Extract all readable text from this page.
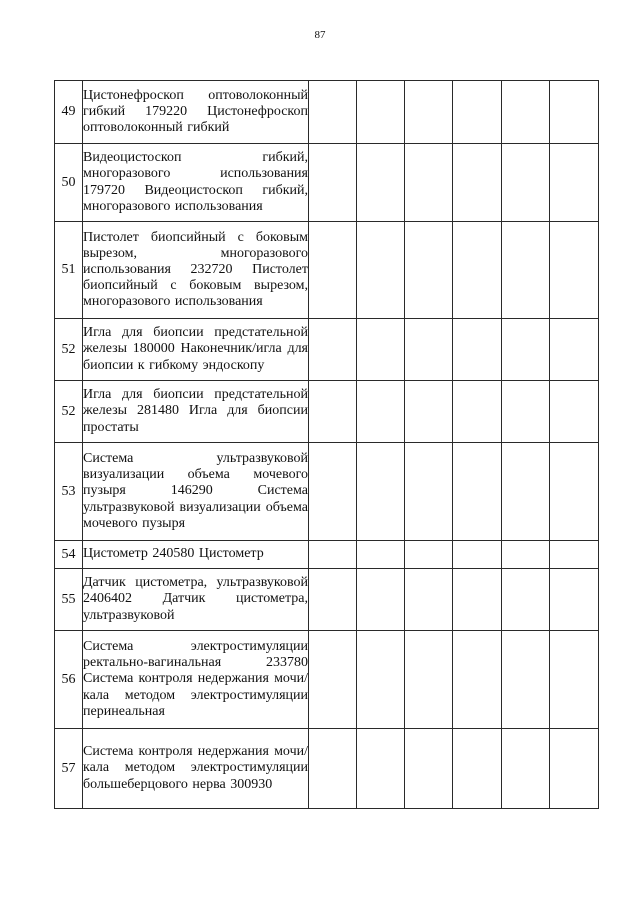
87
49	Цистонефроскоп оптоволоконный гибкий 179220 Цистонефроскоп оптоволоконный гибкий						
50	Видеоцистоскоп гибкий, многоразового использования 179720 Видеоцистоскоп гибкий, многоразового использования						
51	Пистолет биопсийный с боковым вырезом, многоразового использования 232720 Пистолет биопсийный с боковым вырезом, многоразового использования						
52	Игла для биопсии предстательной железы 180000 Наконечник/игла для биопсии к гибкому эндоскопу						
52	Игла для биопсии предстательной железы 281480 Игла для биопсии простаты						
53	Система ультразвуковой визуализации объема мочевого пузыря 146290 Система ультразвуковой визуализации объема мочевого пузыря						
54	Цистометр 240580 Цистометр						
55	Датчик цистометра, ультразвуковой 2406402 Датчик цистометра, ультразвуковой						
56	Система электростимуляции ректально-вагинальная 233780 Система контроля недержания мочи/кала методом электростимуляции перинеальная						
57	Система контроля недержания мочи/кала методом электростимуляции большеберцового нерва 300930						
